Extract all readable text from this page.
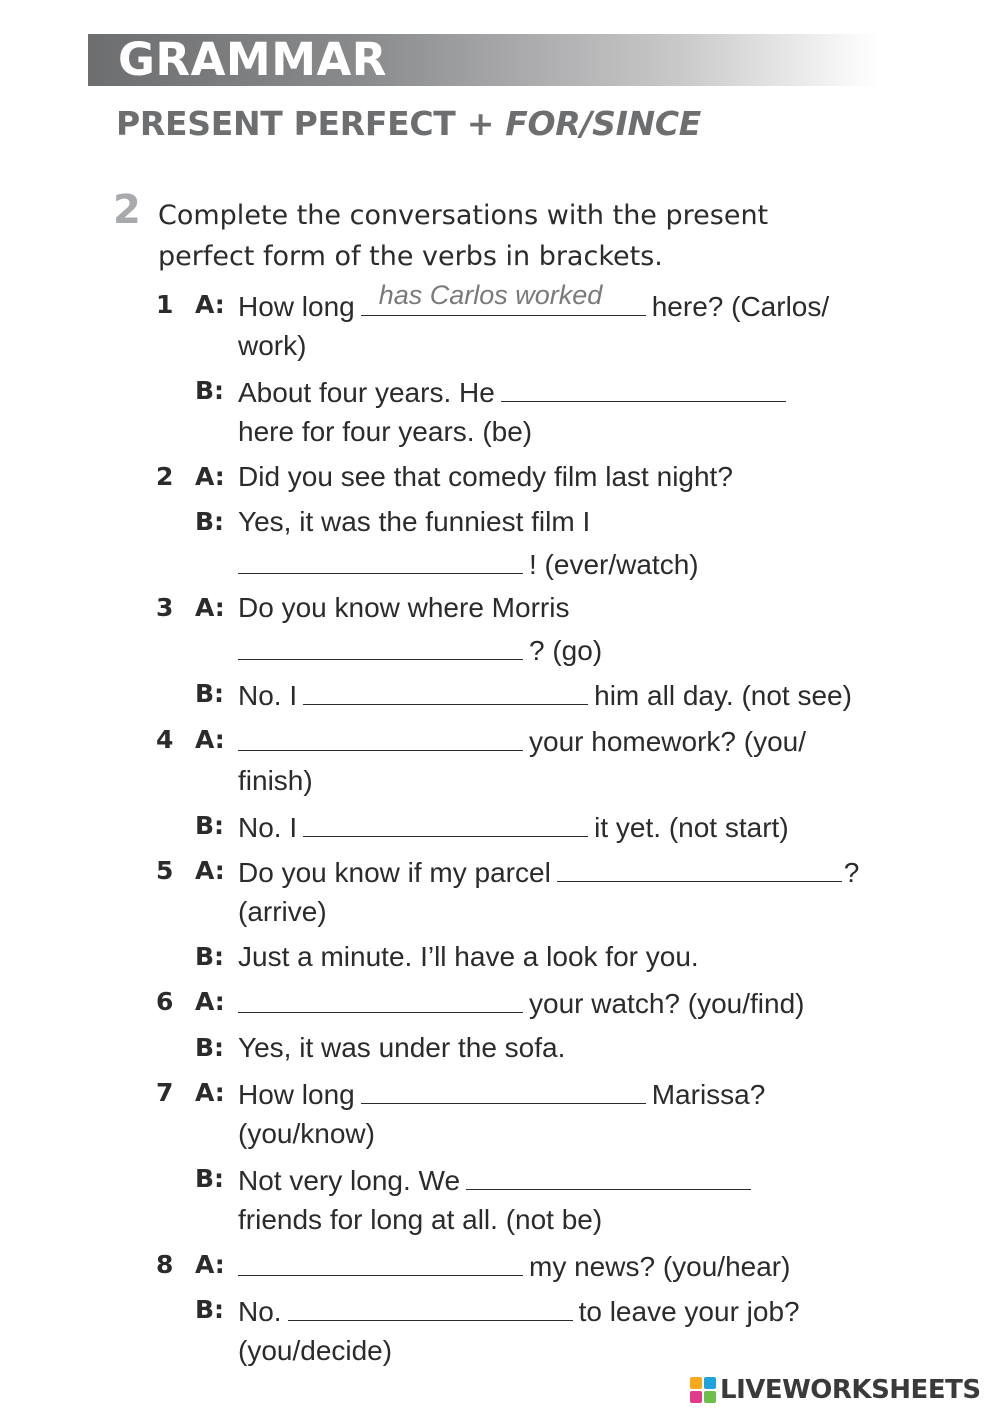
GRAMMAR
PRESENT PERFECT + FOR/SINCE
2 Complete the conversations with the present
perfect form of the verbs in brackets.
1 A: How long has Carlos worked here? (Carlos/
work)
B: About four years. He
here for four years. (be)
2 A: Did you see that comedy film last night?
B: Yes, it was the funniest film I
! (ever/watch)
3 A: Do you know where Morris
? (go)
B: No. I	him all day. (not see)
4 A:	your homework? (you/
finish)
B: No. I	it yet. (not start)
5 A: Do you know if my parcel	?
(arrive)
B: Just a minute. I’ll have a look for you.
6 A:	your watch? (you/find)
B: Yes, it was under the sofa.
7 A: How long	Marissa?
(you/know)
B: Not very long. We
friends for long at all. (not be)
8 A:	my news? (you/hear)
B: No.	to leave your job?
(you/decide)
LIVEWORKSHEETS
